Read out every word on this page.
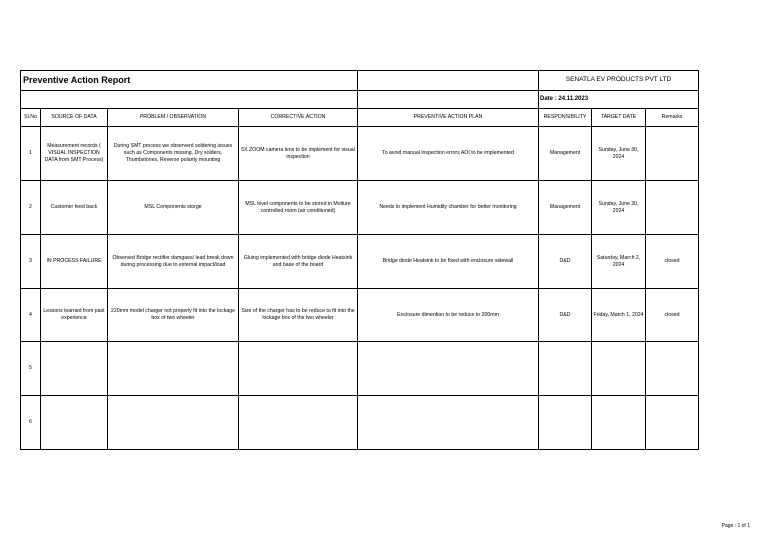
Preventive Action Report					SENATLA EV PRODUCTS PVT LTD		
					Date : 24.11.2023		
Sl.No	SOURCE OF DATA	PROBLEM / OBSERVATION	CORRECTIVE ACTION	PREVENTIVE ACTION PLAN	RESPONSIBILITY	TARGET DATE	Remarks
1	Measurement records ( VISUAL INSPECTION DATA from SMT Process)	During SMT process we observerd soldering issues such as Components missing, Dry solders, Thumbstones, Reverse polarity mounting	5X ZOOM camera lens to be implement for visual inspection	To avoid manual inspection errors AOI to be implemented	Management	Sunday, June 30, 2024	
2	Customer feed back	MSL Components storge	MSL level components to be stored in Moiture controlled room (air conditioned)	Needs to implement Humidity chamber for better monitoring	Management	Sunday, June 30, 2024	
3	IN PROCESS FAILURE	Observed Bridge rectifier damgaes/ lead break down during processing due to external impact/load	Gluing implemented with bridge diode Heatsink and base of the board	Bridge diode Heatsink to be fixed with enclosure sidewall	D&D	Saturday, March 2, 2024	closed
4	Lessons learned from past experience	220mm model charger not properly fit into the lockage box of two wheeler	Size of the charger has to be reduce to fit into the lockage box of the two wheeler	Enclosure dimention to be reduce to 200mm	D&D	Friday, March 1, 2024	closed
5							
6							
Page : 1 of 1
